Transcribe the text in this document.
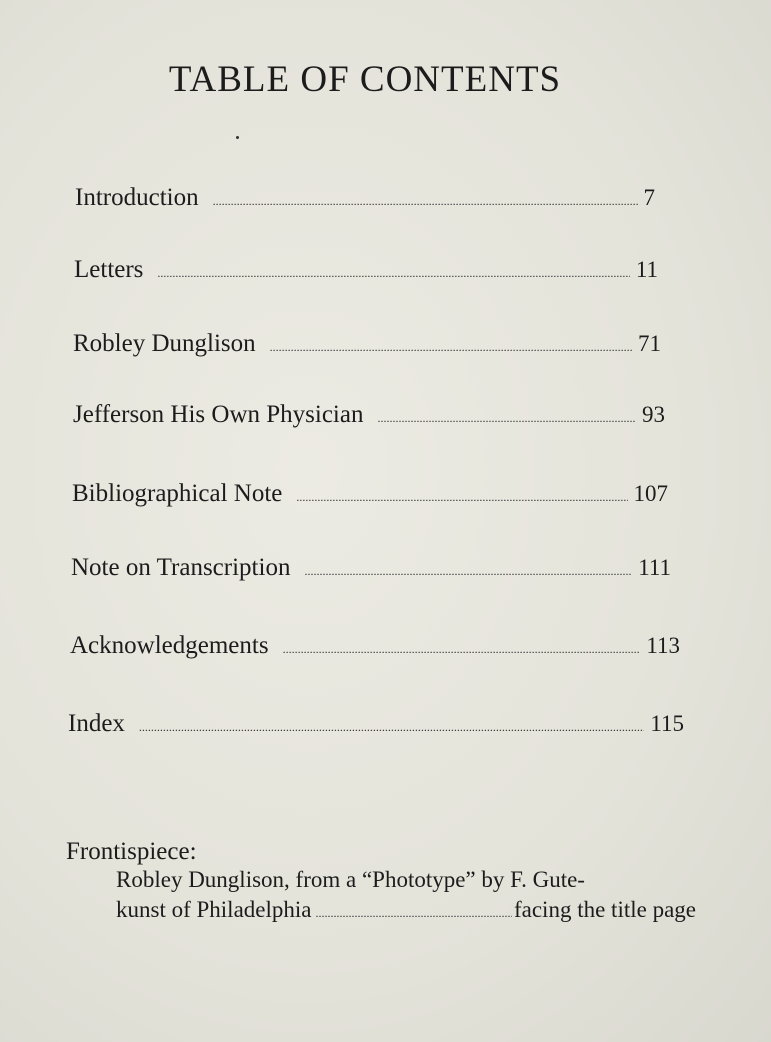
TABLE OF CONTENTS
Introduction .....	7
Letters .....	11
Robley Dunglison .....	71
Jefferson His Own Physician .....	93
Bibliographical Note .....	107
Note on Transcription .....	111
Acknowledgements .....	113
Index .....	115
Frontispiece:
Robley Dunglison, from a “Phototype” by F. Gute-
kunst of Philadelphia .....	facing the title page
